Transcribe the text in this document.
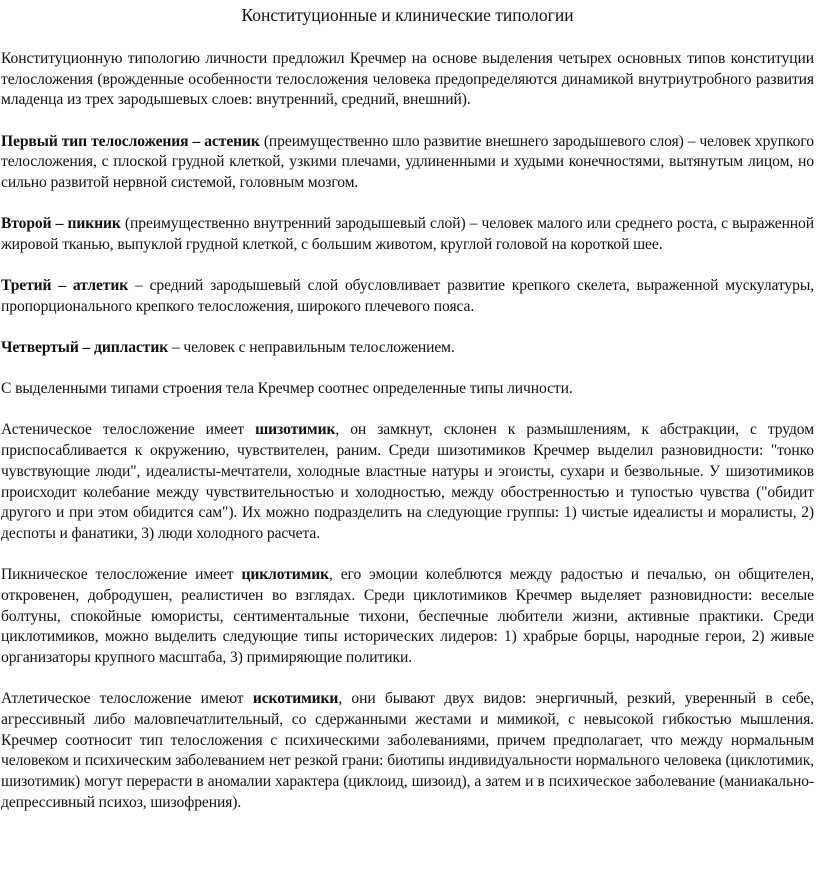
Конституционные и клинические типологии

Конституционную типологию личности предложил Кречмер на основе выделения четырех основных типов конституции телосложения (врожденные особенности телосложения человека предопределяются динамикой внутриутробного развития младенца из трех зародышевых слоев: внутренний, средний, внешний).

Первый тип телосложения – астеник (преимущественно шло развитие внешнего зародышевого слоя) – человек хрупкого телосложения, с плоской грудной клеткой, узкими плечами, удлиненными и худыми конечностями, вытянутым лицом, но сильно развитой нервной системой, головным мозгом.

Второй – пикник (преимущественно внутренний зародышевый слой) – человек малого или среднего роста, с выраженной жировой тканью, выпуклой грудной клеткой, с большим животом, круглой головой на короткой шее.

Третий – атлетик – средний зародышевый слой обусловливает развитие крепкого скелета, выраженной мускулатуры, пропорционального крепкого телосложения, широкого плечевого пояса.

Четвертый – дипластик – человек с неправильным телосложением.

С выделенными типами строения тела Кречмер соотнес определенные типы личности.

Астеническое телосложение имеет шизотимик, он замкнут, склонен к размышлениям, к абстракции, с трудом приспосабливается к окружению, чувствителен, раним. Среди шизотимиков Кречмер выделил разновидности: "тонко чувствующие люди", идеалисты-мечтатели, холодные властные натуры и эгоисты, сухари и безвольные. У шизотимиков происходит колебание между чувствительностью и холодностью, между обостренностью и тупостью чувства ("обидит другого и при этом обидится сам"). Их можно подразделить на следующие группы: 1) чистые идеалисты и моралисты, 2) деспоты и фанатики, 3) люди холодного расчета.

Пикническое телосложение имеет циклотимик, его эмоции колеблются между радостью и печалью, он общителен, откровенен, добродушен, реалистичен во взглядах. Среди циклотимиков Кречмер выделяет разновидности: веселые болтуны, спокойные юмористы, сентиментальные тихони, беспечные любители жизни, активные практики. Среди циклотимиков, можно выделить следующие типы исторических лидеров: 1) храбрые борцы, народные герои, 2) живые организаторы крупного масштаба, 3) примиряющие политики.

Атлетическое телосложение имеют искотимики, они бывают двух видов: энергичный, резкий, уверенный в себе, агрессивный либо маловпечатлительный, со сдержанными жестами и мимикой, с невысокой гибкостью мышления. Кречмер соотносит тип телосложения с психическими заболеваниями, причем предполагает, что между нормальным человеком и психическим заболеванием нет резкой грани: биотипы индивидуальности нормального человека (циклотимик, шизотимик) могут перерасти в аномалии характера (циклоид, шизоид), а затем и в психическое заболевание (маниакально-депрессивный психоз, шизофрения).
